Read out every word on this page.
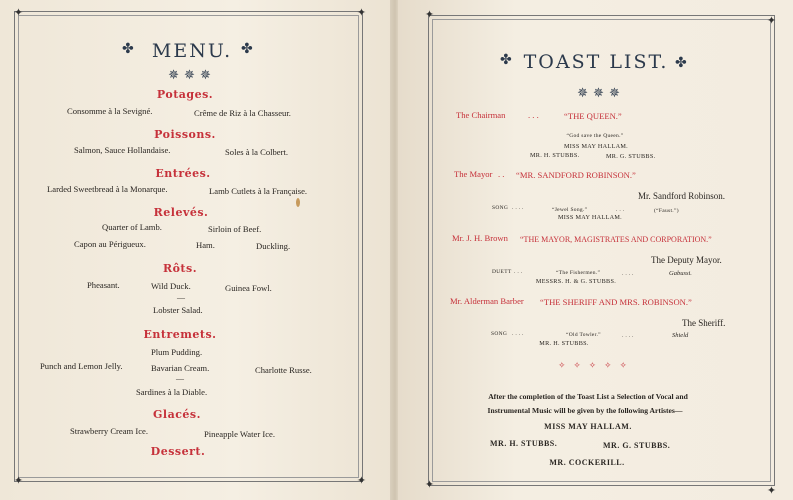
✦	✦
✦	✦
✦	✦
✦	✦
✤ MENU. ✤
✵✵✵
Potages.
Consomme à la Sevigné.	Crême de Riz à la Chasseur.
Poissons.
Salmon, Sauce Hollandaise.	Soles à la Colbert.
Entrées.
Larded Sweetbread à la Monarque.	Lamb Cutlets à la Française.
Relevés.
Quarter of Lamb.	Sirloin of Beef.
Capon au Périgueux.	Ham.	Duckling.
Rôts.
Pheasant.	Wild Duck.	Guinea Fowl.
—
Lobster Salad.
Entremets.
Plum Pudding.
Punch and Lemon Jelly.	Bavarian Cream.	Charlotte Russe.
—
Sardines à la Diable.
Glacés.
Strawberry Cream Ice.	Pineapple Water Ice.
Dessert.
✤ TOAST LIST. ✤
✵✵✵
The Chairman	. . .	“THE QUEEN.”
“God save the Queen.”
MISS MAY HALLAM.
MR. H. STUBBS.	MR. G. STUBBS.
The Mayor . . “MR. SANDFORD ROBINSON.”
Mr. Sandford Robinson.
SONG . . . .	“Jewel Song.”	. . .	(“Faust.”)
MISS MAY HALLAM.
Mr. J. H. Brown “THE MAYOR, MAGISTRATES AND CORPORATION.”
The Deputy Mayor.
DUETT . . .	“The Fishermen.”	. . . .	Gabussi.
MESSRS. H. & G. STUBBS.
Mr. Alderman Barber “THE SHERIFF AND MRS. ROBINSON.”
The Sheriff.
SONG . . . .	“Old Towler.”	. . . .	Shield
MR. H. STUBBS.
✧ ✧ ✧ ✧ ✧
After the completion of the Toast List a Selection of Vocal and
Instrumental Music will be given by the following Artistes—
MISS MAY HALLAM.
MR. H. STUBBS.	MR. G. STUBBS.
MR. COCKERILL.
